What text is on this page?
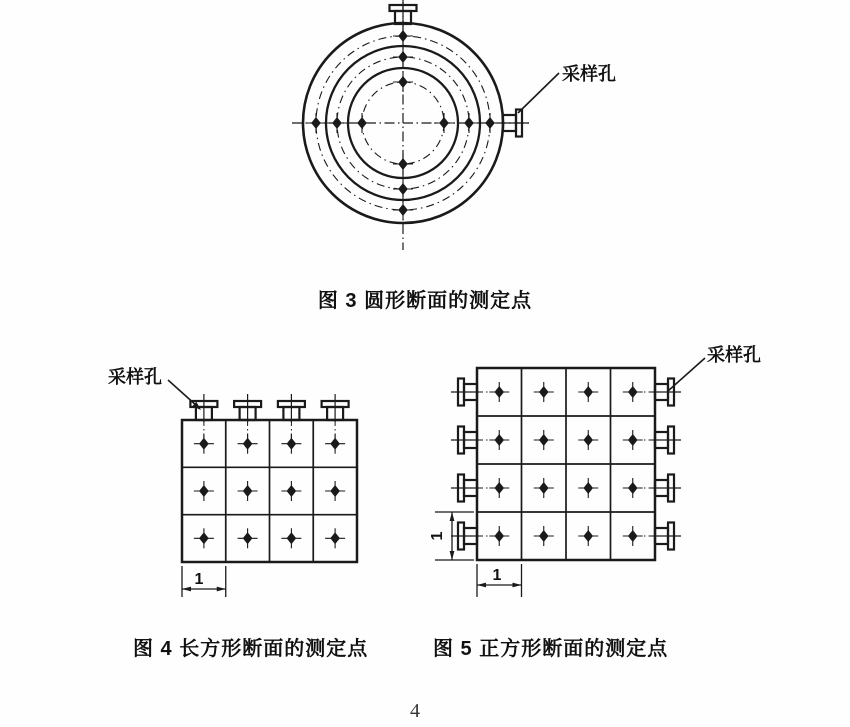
采样孔
图 3 圆形断面的测定点
采样孔
1
采样孔
1
1
图 4 长方形断面的测定点	图 5 正方形断面的测定点
4
